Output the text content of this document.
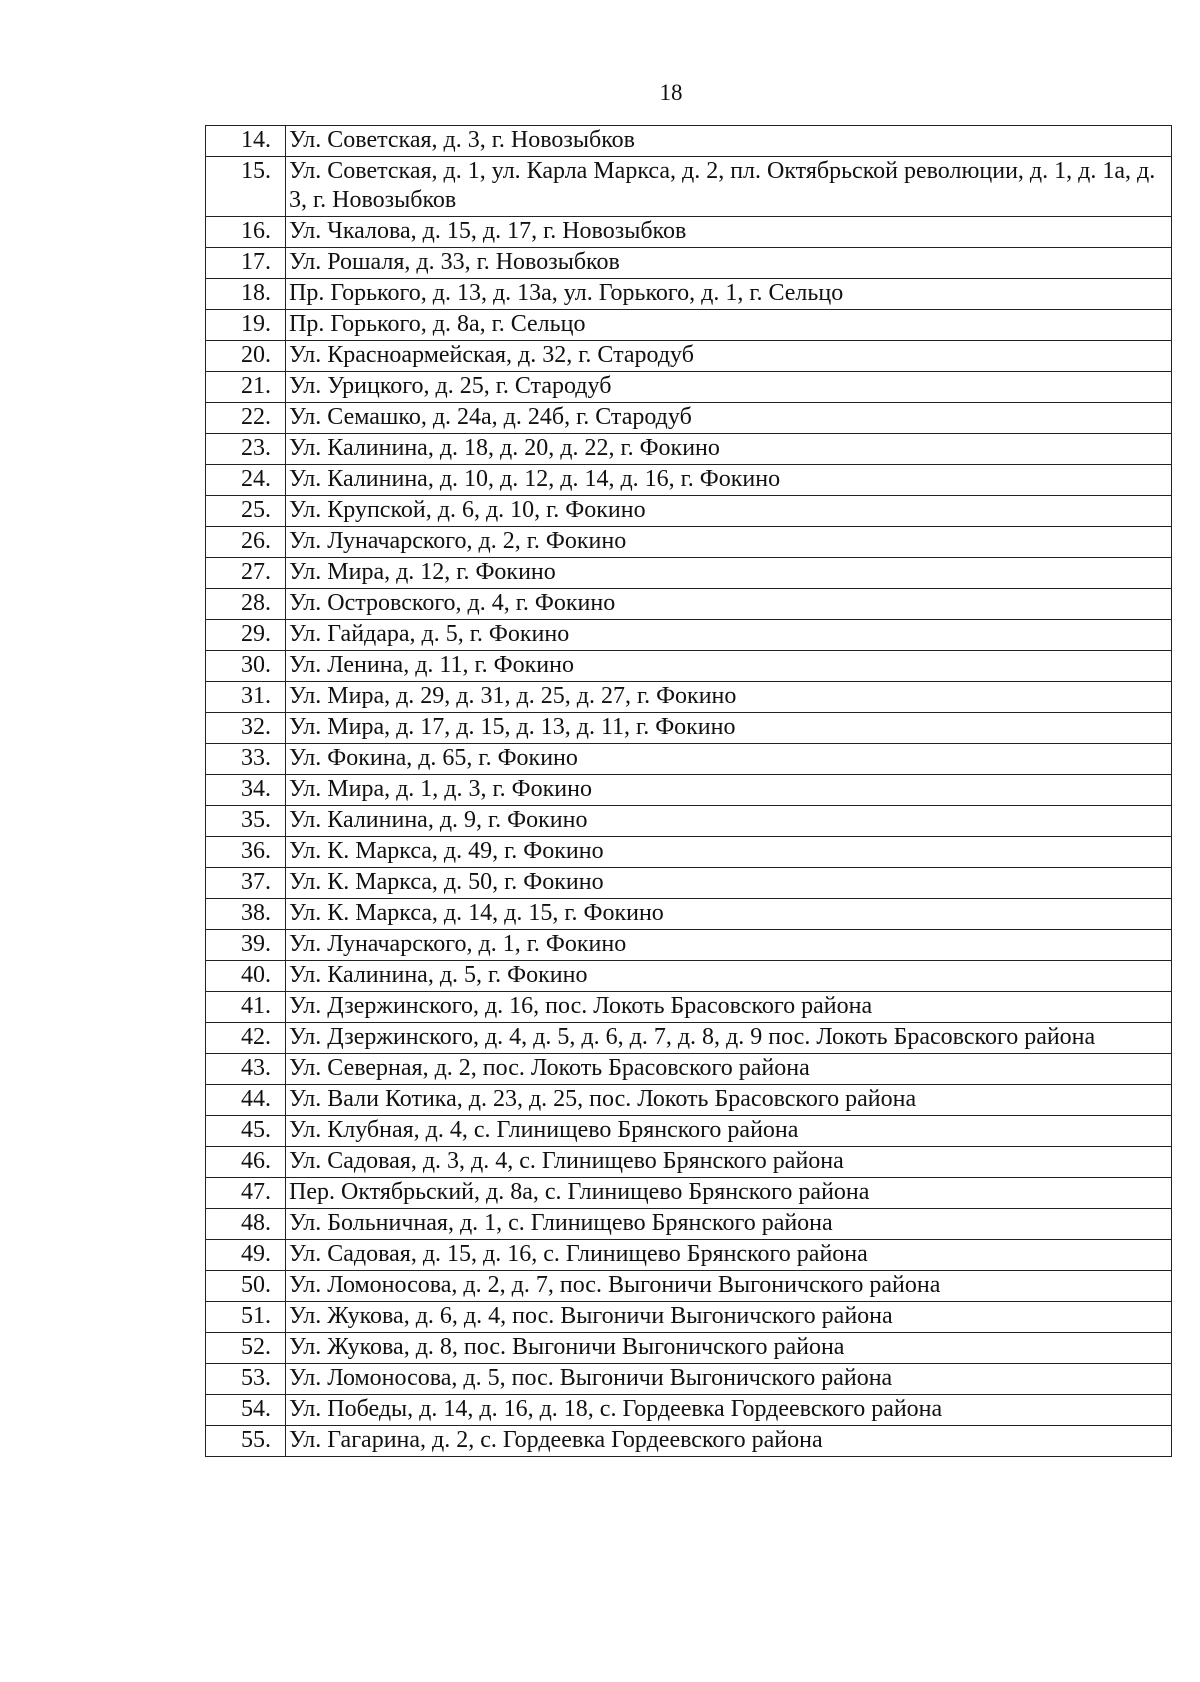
18
14.	Ул. Советская, д. 3, г. Новозыбков
15.	Ул. Советская, д. 1, ул. Карла Маркса, д. 2, пл. Октябрьской революции, д. 1, д. 1а, д. 3, г. Новозыбков
16.	Ул. Чкалова, д. 15, д. 17, г. Новозыбков
17.	Ул. Рошаля, д. 33, г. Новозыбков
18.	Пр. Горького, д. 13, д. 13а, ул. Горького, д. 1, г. Сельцо
19.	Пр. Горького, д. 8а, г. Сельцо
20.	Ул. Красноармейская, д. 32, г. Стародуб
21.	Ул. Урицкого, д. 25, г. Стародуб
22.	Ул. Семашко, д. 24а, д. 24б, г. Стародуб
23.	Ул. Калинина, д. 18, д. 20, д. 22, г. Фокино
24.	Ул. Калинина, д. 10, д. 12, д. 14, д. 16, г. Фокино
25.	Ул. Крупской, д. 6, д. 10, г. Фокино
26.	Ул. Луначарского, д. 2, г. Фокино
27.	Ул. Мира, д. 12, г. Фокино
28.	Ул. Островского, д. 4, г. Фокино
29.	Ул. Гайдара, д. 5, г. Фокино
30.	Ул. Ленина, д. 11, г. Фокино
31.	Ул. Мира, д. 29, д. 31, д. 25, д. 27, г. Фокино
32.	Ул. Мира, д. 17, д. 15, д. 13, д. 11, г. Фокино
33.	Ул. Фокина, д. 65, г. Фокино
34.	Ул. Мира, д. 1, д. 3, г. Фокино
35.	Ул. Калинина, д. 9, г. Фокино
36.	Ул. К. Маркса, д. 49, г. Фокино
37.	Ул. К. Маркса, д. 50, г. Фокино
38.	Ул. К. Маркса, д. 14, д. 15, г. Фокино
39.	Ул. Луначарского, д. 1, г. Фокино
40.	Ул. Калинина, д. 5, г. Фокино
41.	Ул. Дзержинского, д. 16, пос. Локоть Брасовского района
42.	Ул. Дзержинского, д. 4, д. 5, д. 6, д. 7, д. 8, д. 9 пос. Локоть Брасовского района
43.	Ул. Северная, д. 2, пос. Локоть Брасовского района
44.	Ул. Вали Котика, д. 23, д. 25, пос. Локоть Брасовского района
45.	Ул. Клубная, д. 4, с. Глинищево Брянского района
46.	Ул. Садовая, д. 3, д. 4, с. Глинищево Брянского района
47.	Пер. Октябрьский, д. 8а, с. Глинищево Брянского района
48.	Ул. Больничная, д. 1, с. Глинищево Брянского района
49.	Ул. Садовая, д. 15, д. 16, с. Глинищево Брянского района
50.	Ул. Ломоносова, д. 2, д. 7, пос. Выгоничи Выгоничского района
51.	Ул. Жукова, д. 6, д. 4, пос. Выгоничи Выгоничского района
52.	Ул. Жукова, д. 8, пос. Выгоничи Выгоничского района
53.	Ул. Ломоносова, д. 5, пос. Выгоничи Выгоничского района
54.	Ул. Победы, д. 14, д. 16, д. 18, с. Гордеевка Гордеевского района
55.	Ул. Гагарина, д. 2, с. Гордеевка Гордеевского района
